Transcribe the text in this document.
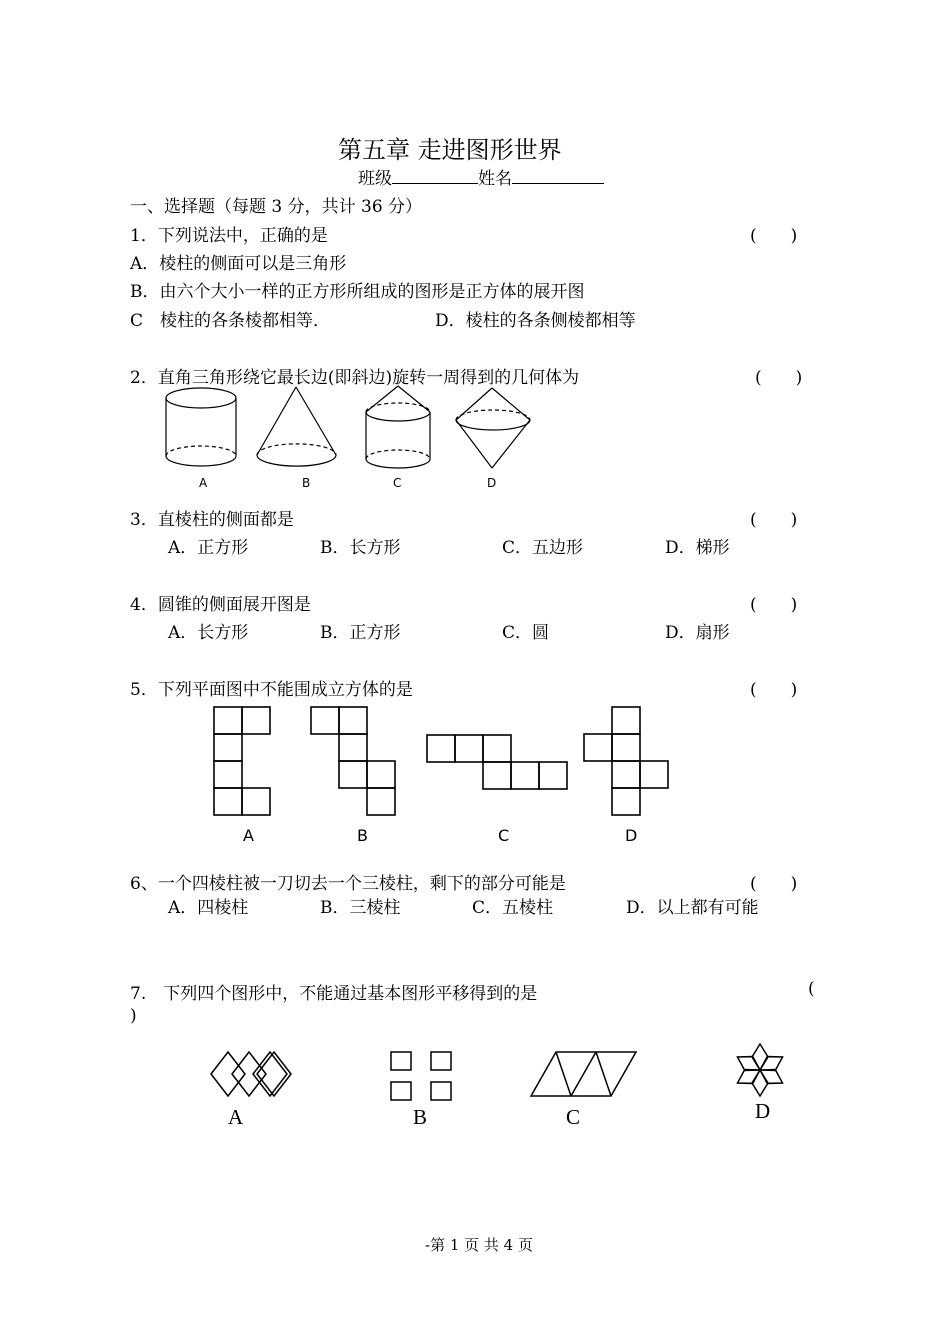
第五章 走进图形世界
班级	姓名
一、选择题（每题 3 分，共计 36 分）
1．下列说法中，正确的是	(　　)
A．棱柱的侧面可以是三角形
B．由六个大小一样的正方形所组成的图形是正方体的展开图
C　棱柱的各条棱都相等．	D．棱柱的各条侧棱都相等
2．直角三角形绕它最长边(即斜边)旋转一周得到的几何体为	(　　)
A	B	C	D
3．直棱柱的侧面都是	(　　)
A．正方形	B．长方形	C．五边形	D．梯形
4．圆锥的侧面展开图是	(　　)
A．长方形	B．正方形	C．圆	D．扇形
5．下列平面图中不能围成立方体的是	(　　)
A	B	C	D
6、一个四棱柱被一刀切去一个三棱柱，剩下的部分可能是	(　　)
A．四棱柱	B．三棱柱	C．五棱柱	D．以上都有可能
7.　下列四个图形中，不能通过基本图形平移得到的是	(
)
A	B	C	D
-第 1 页 共 4 页
